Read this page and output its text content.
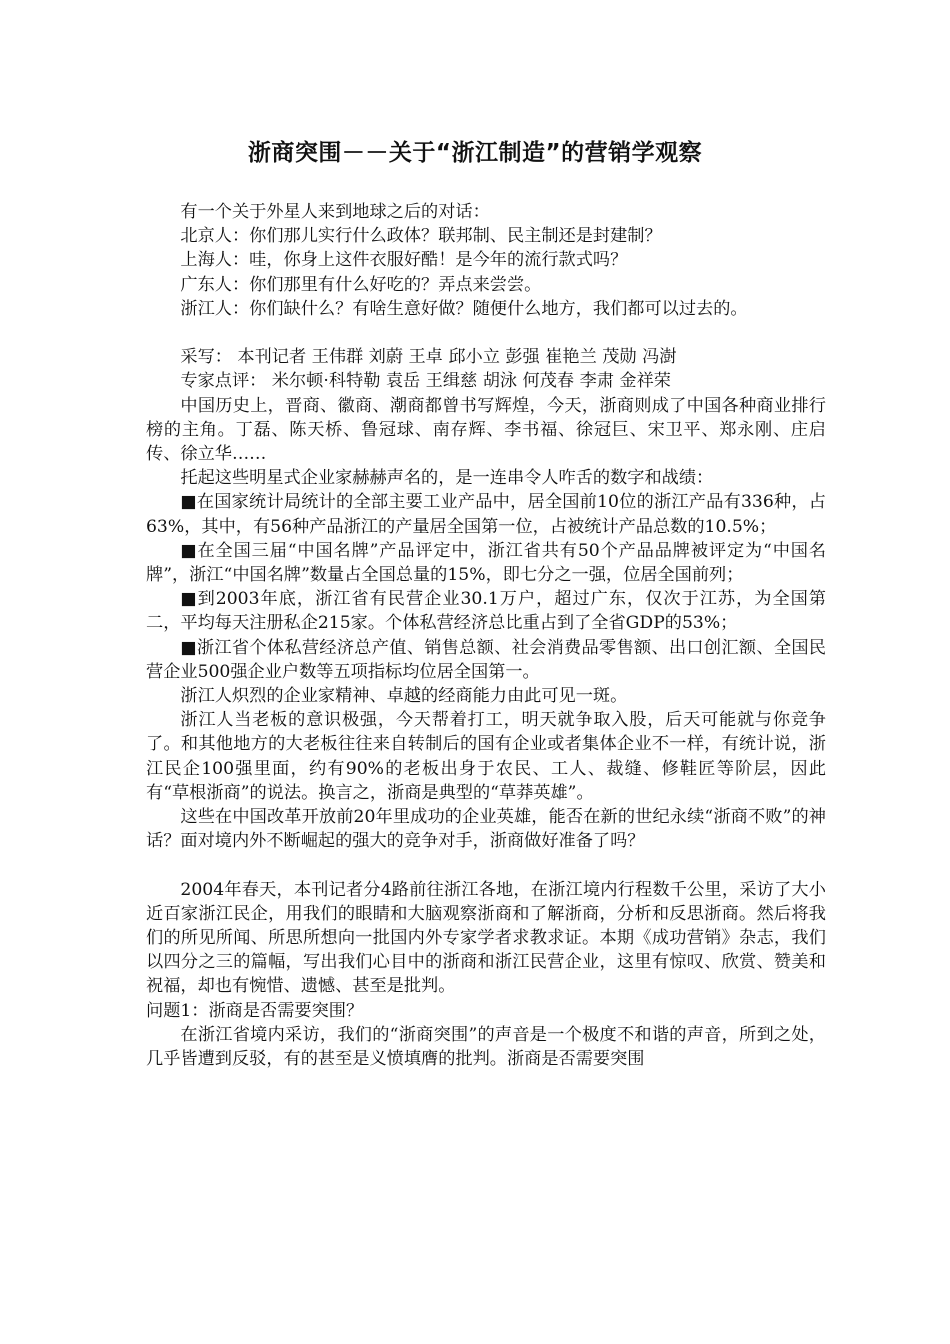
浙商突围－－关于“浙江制造”的营销学观察

有一个关于外星人来到地球之后的对话：

北京人：你们那儿实行什么政体？联邦制、民主制还是封建制？

上海人：哇，你身上这件衣服好酷！是今年的流行款式吗？

广东人：你们那里有什么好吃的？弄点来尝尝。

浙江人：你们缺什么？有啥生意好做？随便什么地方，我们都可以过去的。

采写： 本刊记者 王伟群 刘蔚 王卓 邱小立 彭强 崔艳兰 茂勋 冯澍

专家点评： 米尔顿·科特勒 袁岳 王缉慈 胡泳 何茂春 李肃 金祥荣

中国历史上，晋商、徽商、潮商都曾书写辉煌，今天，浙商则成了中国各种商业排行榜的主角。丁磊、陈天桥、鲁冠球、南存辉、李书福、徐冠巨、宋卫平、郑永刚、庄启传、徐立华……

托起这些明星式企业家赫赫声名的，是一连串令人咋舌的数字和战绩：

■在国家统计局统计的全部主要工业产品中，居全国前10位的浙江产品有336种，占63%，其中，有56种产品浙江的产量居全国第一位，占被统计产品总数的10.5%；

■在全国三届“中国名牌”产品评定中，浙江省共有50个产品品牌被评定为“中国名牌”，浙江“中国名牌”数量占全国总量的15%，即七分之一强，位居全国前列；

■到2003年底，浙江省有民营企业30.1万户，超过广东，仅次于江苏，为全国第二，平均每天注册私企215家。个体私营经济总比重占到了全省GDP的53%；

■浙江省个体私营经济总产值、销售总额、社会消费品零售额、出口创汇额、全国民营企业500强企业户数等五项指标均位居全国第一。

浙江人炽烈的企业家精神、卓越的经商能力由此可见一斑。

浙江人当老板的意识极强，今天帮着打工，明天就争取入股，后天可能就与你竞争了。和其他地方的大老板往往来自转制后的国有企业或者集体企业不一样，有统计说，浙江民企100强里面，约有90%的老板出身于农民、工人、裁缝、修鞋匠等阶层，因此有“草根浙商”的说法。换言之，浙商是典型的“草莽英雄”。

这些在中国改革开放前20年里成功的企业英雄，能否在新的世纪永续“浙商不败”的神话？面对境内外不断崛起的强大的竞争对手，浙商做好准备了吗？

2004年春天，本刊记者分4路前往浙江各地，在浙江境内行程数千公里，采访了大小近百家浙江民企，用我们的眼睛和大脑观察浙商和了解浙商，分析和反思浙商。然后将我们的所见所闻、所思所想向一批国内外专家学者求教求证。本期《成功营销》杂志，我们以四分之三的篇幅，写出我们心目中的浙商和浙江民营企业，这里有惊叹、欣赏、赞美和祝福，却也有惋惜、遗憾、甚至是批判。

问题1：浙商是否需要突围？

在浙江省境内采访，我们的“浙商突围”的声音是一个极度不和谐的声音，所到之处，几乎皆遭到反驳，有的甚至是义愤填膺的批判。浙商是否需要突围
